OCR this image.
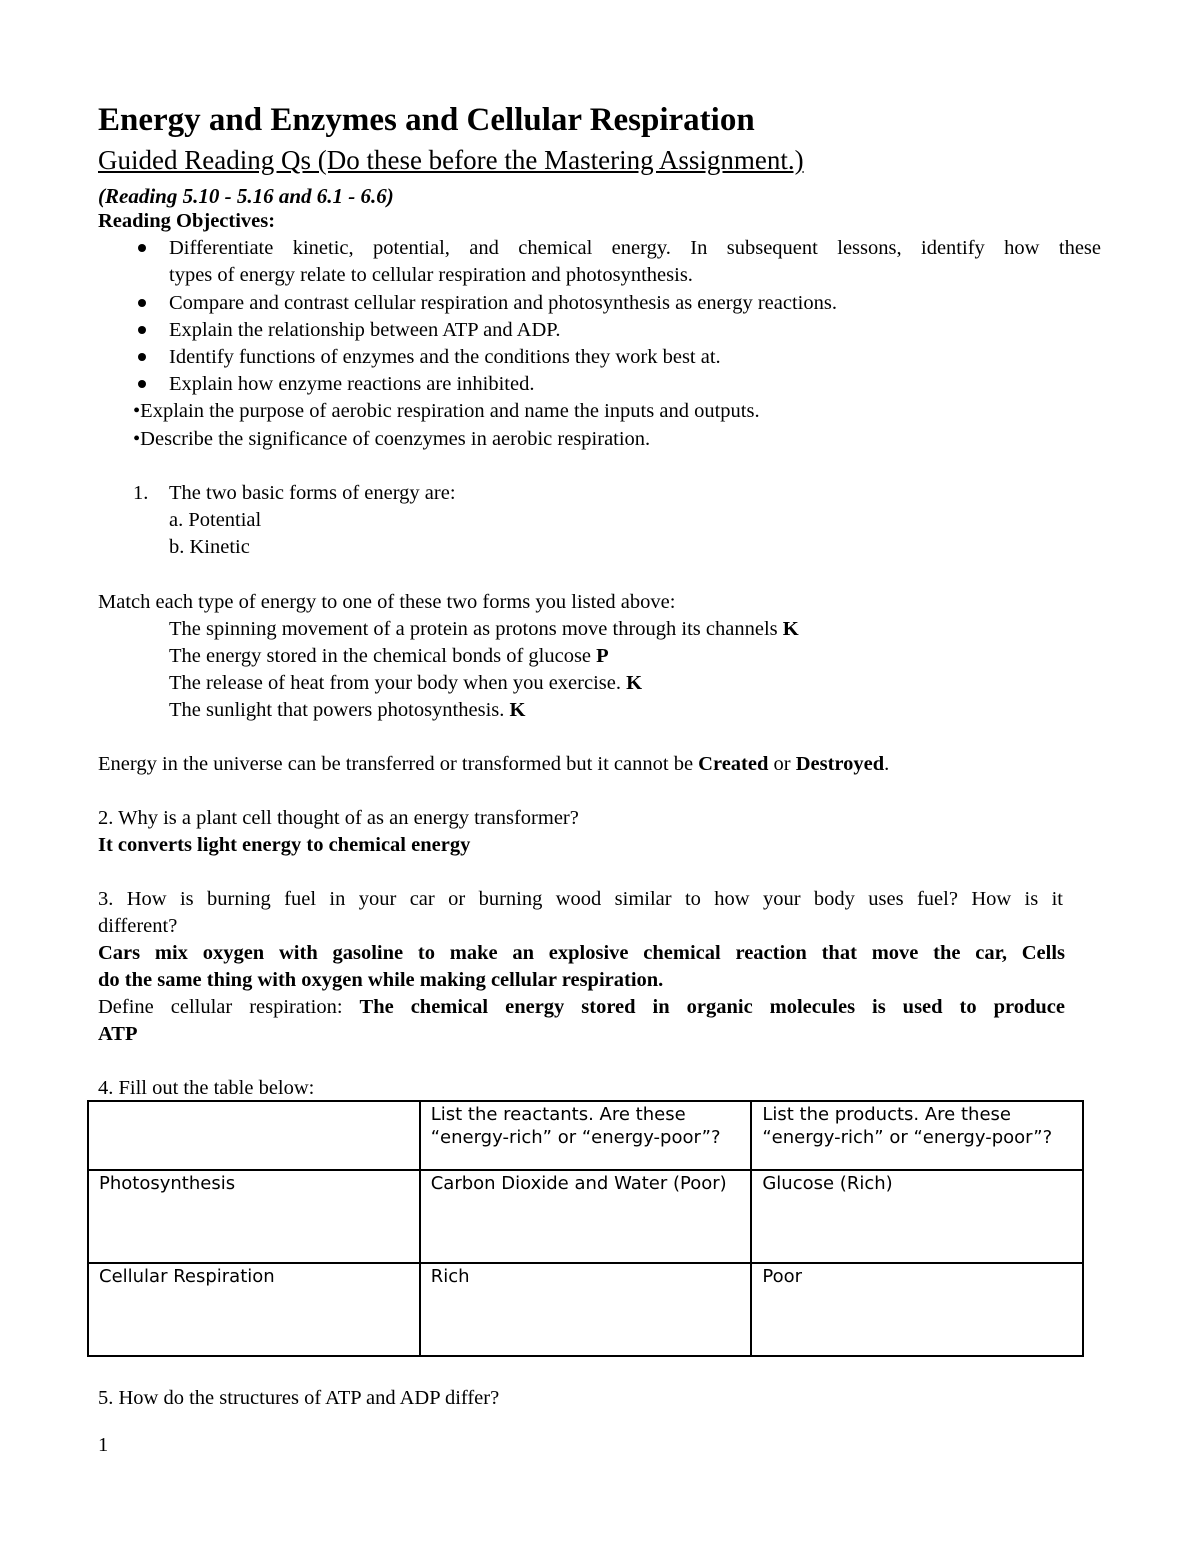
Energy and Enzymes and Cellular Respiration
Guided Reading Qs (Do these before the Mastering Assignment.)
(Reading 5.10 - 5.16 and 6.1 - 6.6)
Reading Objectives:
Differentiate kinetic, potential, and chemical energy. In subsequent lessons, identify how these
types of energy relate to cellular respiration and photosynthesis.
Compare and contrast cellular respiration and photosynthesis as energy reactions.
Explain the relationship between ATP and ADP.
Identify functions of enzymes and the conditions they work best at.
Explain how enzyme reactions are inhibited.
•Explain the purpose of aerobic respiration and name the inputs and outputs.
•Describe the significance of coenzymes in aerobic respiration.
1. The two basic forms of energy are:
a. Potential
b. Kinetic
Match each type of energy to one of these two forms you listed above:
The spinning movement of a protein as protons move through its channels K
The energy stored in the chemical bonds of glucose P
The release of heat from your body when you exercise. K
The sunlight that powers photosynthesis. K
Energy in the universe can be transferred or transformed but it cannot be Created or Destroyed.
2. Why is a plant cell thought of as an energy transformer?
It converts light energy to chemical energy
3. How is burning fuel in your car or burning wood similar to how your body uses fuel? How is it
different?
Cars mix oxygen with gasoline to make an explosive chemical reaction that move the car, Cells
do the same thing with oxygen while making cellular respiration.
Define cellular respiration: The chemical energy stored in organic molecules is used to produce
ATP
4. Fill out the table below:
	List the reactants. Are these “energy-rich” or “energy-poor”?	List the products. Are these “energy-rich” or “energy-poor”?
Photosynthesis	Carbon Dioxide and Water (Poor)	Glucose (Rich)
Cellular Respiration	Rich	Poor
5. How do the structures of ATP and ADP differ?
1
